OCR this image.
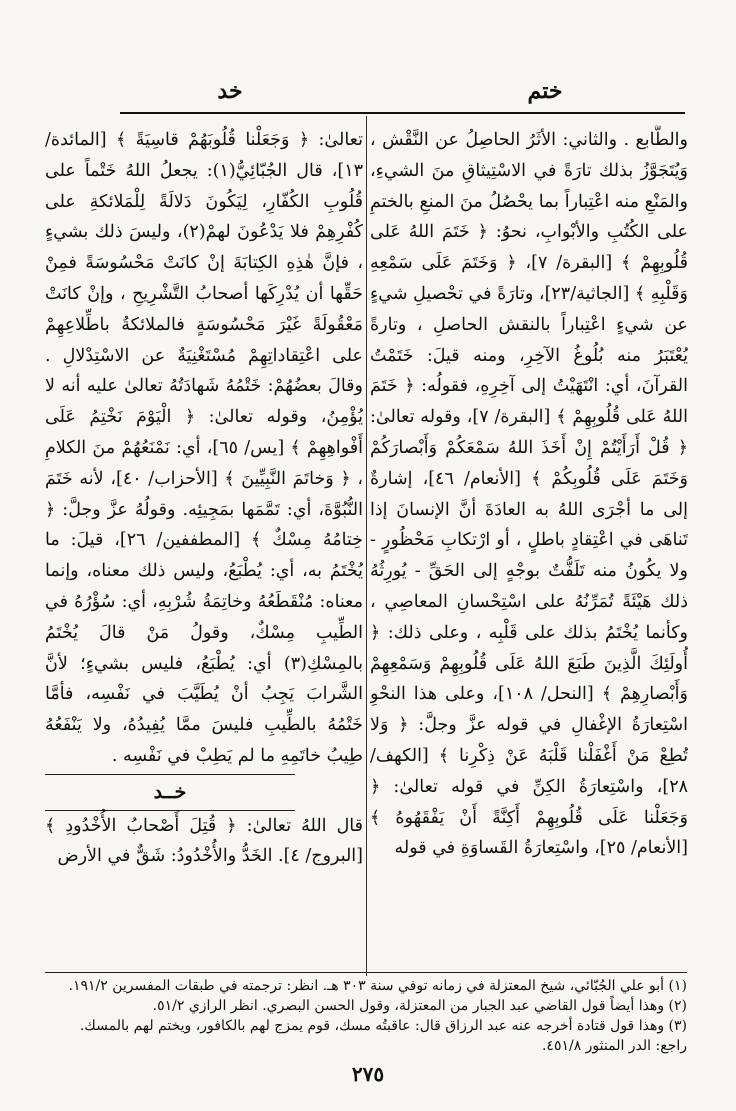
ختم
خد

والطَّابع . والثاني: الأثَرُ الحاصِلُ عن النَّقْش ، وَيُتَجَوَّزُ بذلك تارَةً في الاسْتِيثاقِ منَ الشيءِ، والمَنْعِ منه اعْتِباراً بما يحْصُلُ منَ المنعِ بالختمِ على الكُتُبِ والأبْوابِ، نحوُ: ﴿ خَتَمَ اللهُ عَلى قُلُوبِهِمْ ﴾ [البقرة/ ٧]، ﴿ وَخَتَمَ عَلَى سَمْعِهِ وَقَلْبِهِ ﴾ [الجاثية/٢٣]، وتارَةً في تحْصيلِ شيءٍ عن شيءٍ اعْتِباراً بالنقش الحاصلِ ، وتارةً يُعْتَبَرُ منه بُلُوغُ الآخِرِ، ومنه قيلَ: خَتَمْتُ القرآنَ، أي: انْتَهَيْتُ إلى آخِرِهِ، فقولُه: ﴿ خَتَمَ اللهُ عَلى قُلُوبِهِمْ ﴾ [البقرة/ ٧]، وقوله تعالىٰ: ﴿ قُلْ أَرَأَيْتُمْ إِنْ أَخَذَ اللهُ سَمْعَكُمْ وَأَبْصارَكُمْ وَخَتَمَ عَلَى قُلُوبِكُمْ ﴾ [الأنعام/ ٤٦]، إشارةٌ إلى ما أجْرَى اللهُ به العادَةَ أنَّ الإنسانَ إذا تَناهَى في اعْتِقادٍ باطلٍ ، أو ارْتكابِ مَحْظُورٍ - ولا يكُونُ منه تَلَفُّتٌ بوجْهٍ إلى الحَقِّ - يُورِثُهُ ذلك هَيْئَةً تُمَرِّنُهُ على اسْتِحْسانِ المعاصِي ، وكأنما يُخْتَمُ بذلك على قَلْبِه ، وعلى ذلك: ﴿ أُولَئِكَ الَّذِينَ طَبَعَ اللهُ عَلَى قُلُوبِهِمْ وَسَمْعِهِمْ وَأَبْصارِهِمْ ﴾ [النحل/ ١٠٨]، وعلى هذا النحْوِ اسْتِعارَةُ الإغْفالِ في قوله عزَّ وجلَّ: ﴿ وَلا تُطِعْ مَنْ أَغْفَلْنا قَلْبَهُ عَنْ ذِكْرِنا ﴾ [الكهف/ ٢٨]، واسْتِعارَةُ الكِنِّ في قوله تعالىٰ: ﴿ وَجَعَلْنا عَلَى قُلُوبِهِمْ أَكِنَّةً أَنْ يَفْقَهُوهُ ﴾ [الأنعام/ ٢٥]، واسْتِعارَةُ القَساوَةِ في قوله

تعالىٰ: ﴿ وَجَعَلْنا قُلُوبَهُمْ قاسِيَةً ﴾ [المائدة/ ١٣]، قال الجُبّائِيُّ(١): يجعلُ اللهُ خَتْماً على قُلُوبِ الكُفّارِ، لِيَكُونَ دَلالَةً لِلْمَلائكةِ على كُفْرِهِمْ فلا يَدْعُونَ لهمْ(٢)، وليسَ ذلك بشيءٍ ، فإنَّ هٰذِهِ الكِتابَةَ إنْ كانَتْ مَحْسُوسَةً فمِنْ حَقِّها أن يُدْرِكَها أصحابُ التَّشْرِيحِ ، وإنْ كانَتْ مَعْقُولَةً غَيْرَ مَحْسُوسَةٍ فالملائكةُ باطِّلاعِهِمْ على اعْتِقاداتِهِمْ مُسْتَغْنِيَةٌ عن الاسْتِدْلالِ . وقالَ بعضُهُمْ: خَتْمُهُ شَهادَتُهُ تعالىٰ عليه أنه لا يُؤْمِنُ، وقوله تعالىٰ: ﴿ الْيَوْمَ نَخْتِمُ عَلَى أَفْواهِهِمْ ﴾ [يس/ ٦٥]، أي: نَمْنَعُهُمْ منَ الكلامِ ، ﴿ وَخاتَمَ النَّبِيِّينَ ﴾ [الأحزاب/ ٤٠]، لأنه خَتَمَ النُّبُوَّةَ، أي: تَمَّمَها بمَجِيئِه. وقولُهُ عزَّ وجلَّ: ﴿ خِتامُهُ مِسْكٌ ﴾ [المطففين/ ٢٦]، قيلَ: ما يُخْتَمُ به، أي: يُطْبَعُ، وليس ذلك معناه، وإنما معناه: مُنْقَطَعُهُ وخاتِمَةُ شُرْبِهِ، أي: سُؤْرُهُ في الطِّيبِ مِسْكٌ، وقولُ مَنْ قالَ يُخْتَمُ بالمِسْكِ(٣) أي: يُطْبَعُ، فليس بشيءٍ؛ لأنَّ الشَّرابَ يَجِبُ أنْ يُطَيَّبَ في نَفْسِه، فأمَّا خَتْمُهُ بالطِّيبِ فليسَ ممَّا يُفِيدُهُ، ولا يَنْفَعُهُ طِيبُ خاتَمِهِ ما لم يَطِبْ في نَفْسِه .

خــد

قال اللهُ تعالىٰ: ﴿ قُتِلَ أَصْحابُ الأُخْدُودِ ﴾ [البروج/ ٤]. الخَدُّ والأُخْدُودُ: شَقٌّ في الأرض

(١) أبو علي الجُبّائي، شيخ المعتزلة في زمانه توفي سنة ٣٠٣ هـ. انظر: ترجمته في طبقات المفسرين ١٩١/٢.

(٢) وهذا أيضاً قول القاضي عبد الجبار من المعتزلة، وقول الحسن البصري. انظر الرازي ٥١/٢.

(٣) وهذا قول قتادة أخرجه عنه عبد الرزاق قال: عاقبتُه مسك، قوم يمزج لهم بالكافور، ويختم لهم بالمسك. راجع: الدر المنثور ٤٥١/٨.

٢٧٥
